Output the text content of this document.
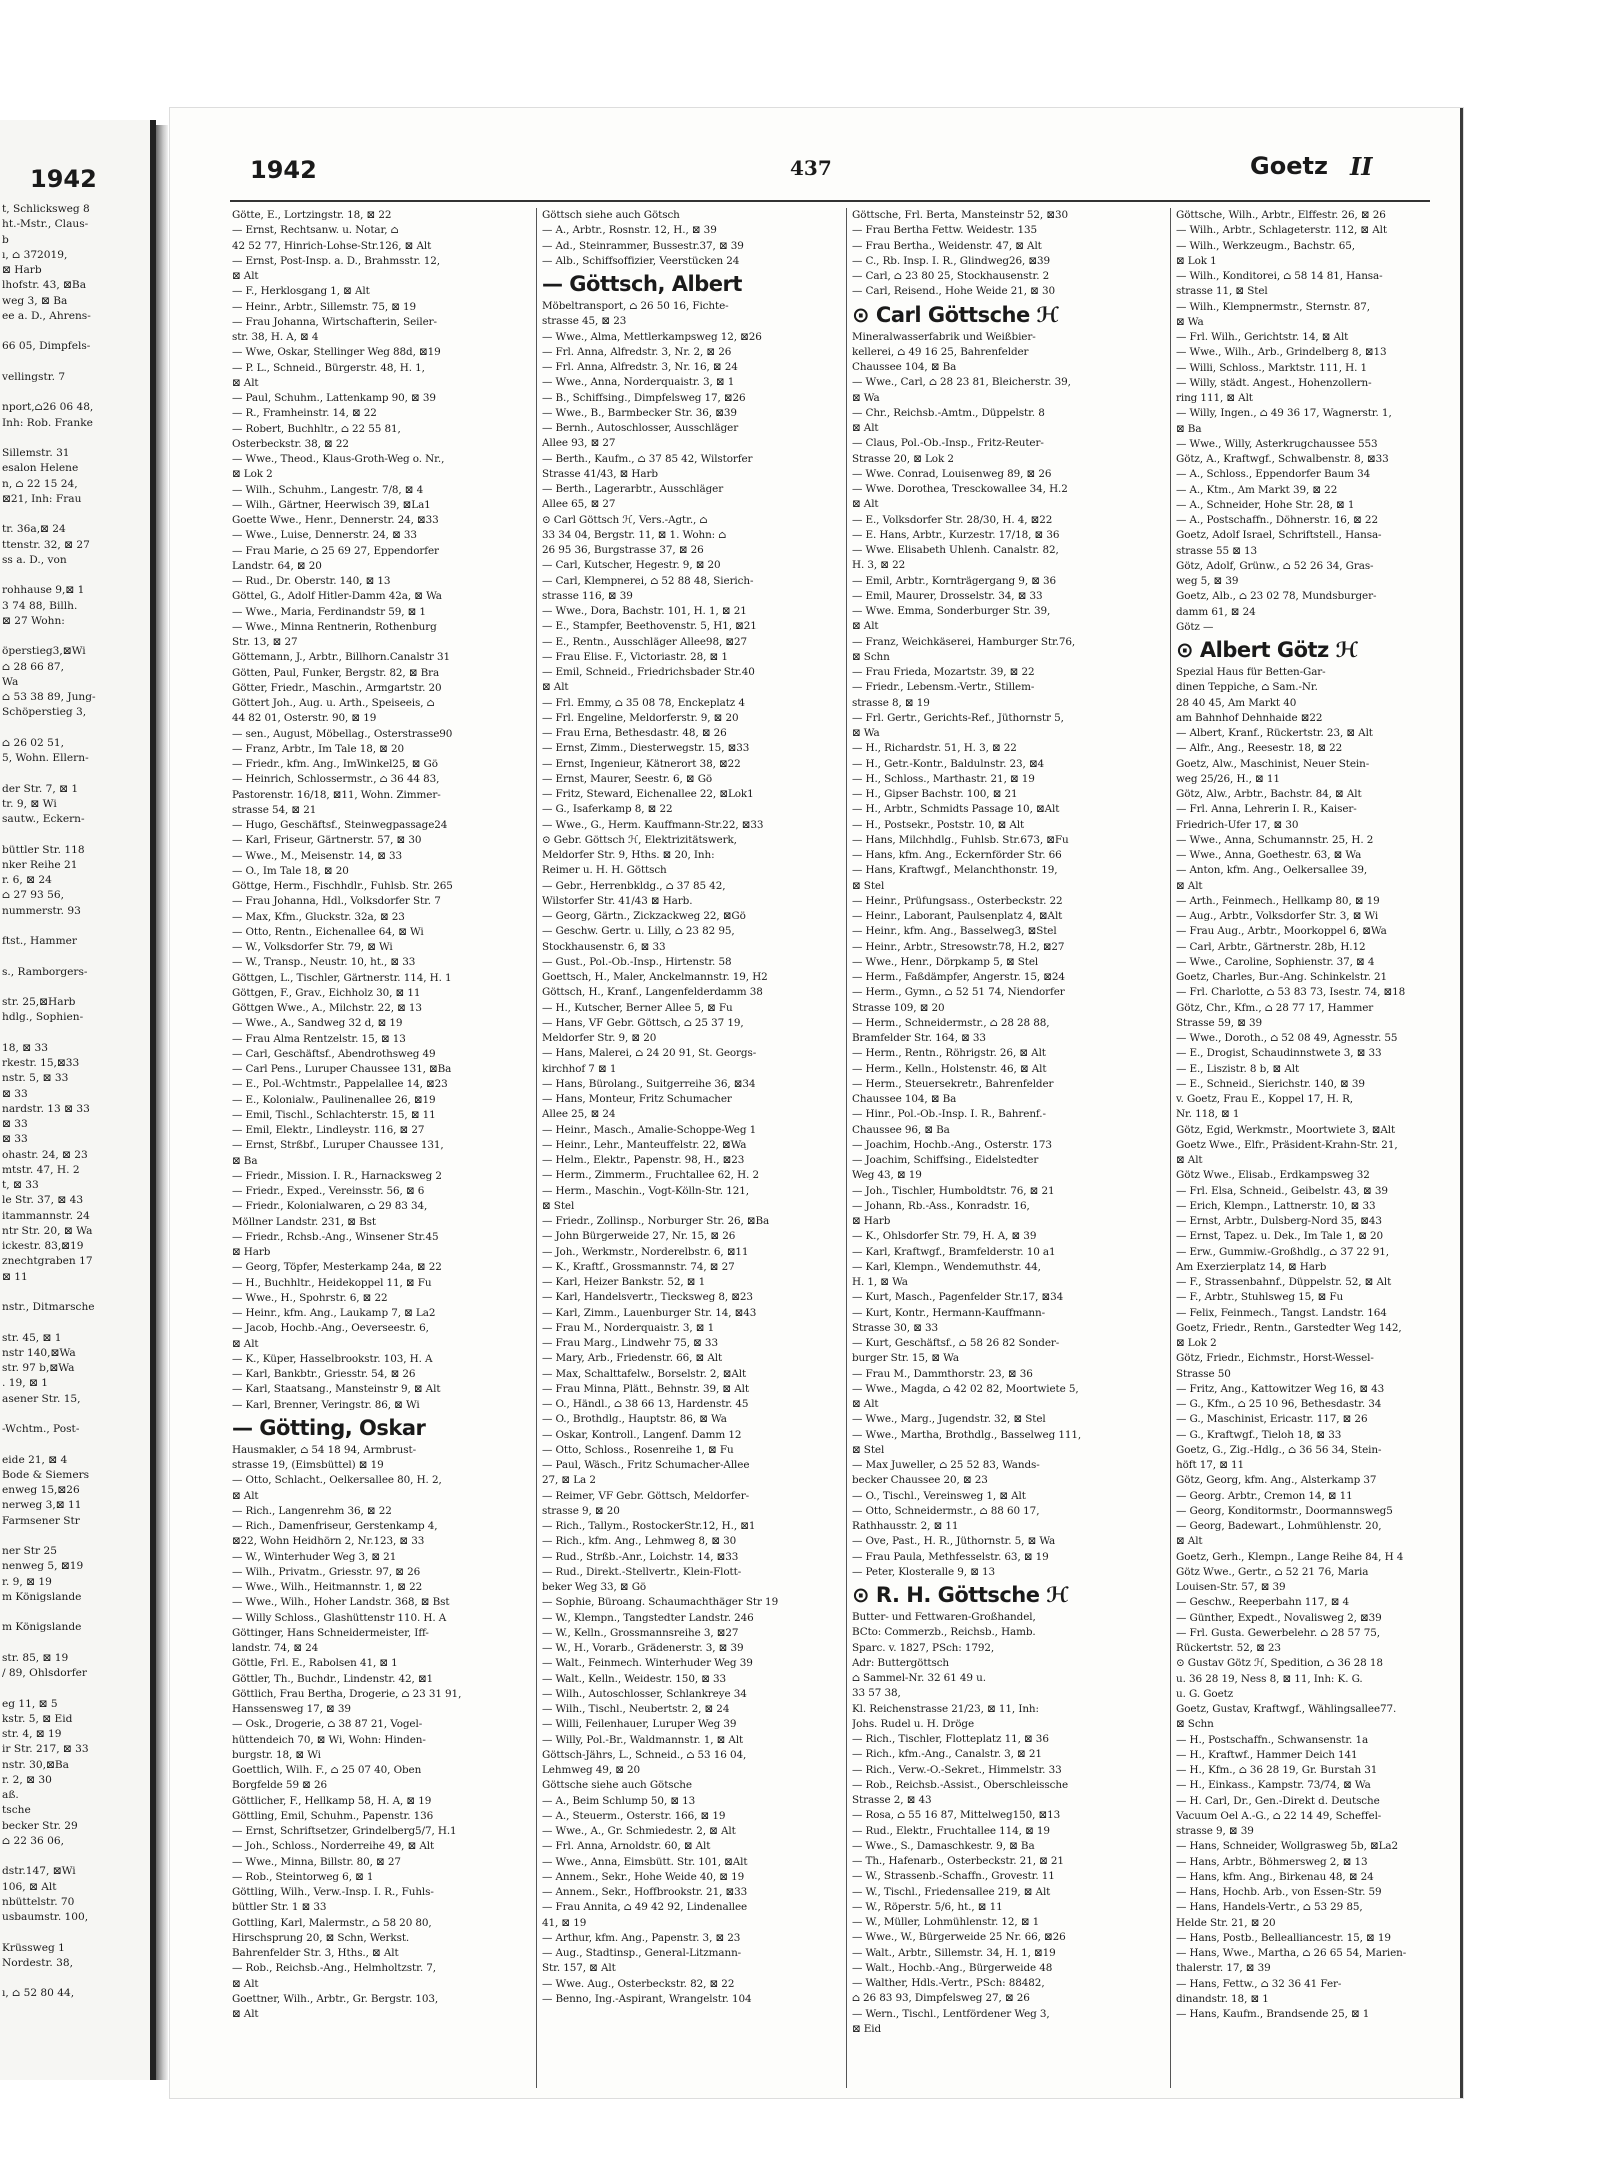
1942
t, Schlicksweg 8
ht.-Mstr., Claus-
b
ı, ⌂ 372019,
⊠ Harb
lhofstr. 43, ⊠Ba
weg 3, ⊠ Ba
ee a. D., Ahrens-
66 05, Dimpfels-
vellingstr. 7
nport,⌂26 06 48,
Inh: Rob. Franke
Sillemstr. 31
esalon Helene
n, ⌂ 22 15 24,
⊠21, Inh: Frau
tr. 36a,⊠ 24
ttenstr. 32, ⊠ 27
ss a. D., von
rohhause 9,⊠ 1
3 74 88, Billh.
⊠ 27 Wohn:
öperstieg3,⊠Wi
⌂ 28 66 87,
Wa
⌂ 53 38 89, Jung-
Schöperstieg 3,
⌂ 26 02 51,
5, Wohn. Ellern-
der Str. 7, ⊠ 1
tr. 9, ⊠ Wi
sautw., Eckern-
büttler Str. 118
nker Reihe 21
r. 6, ⊠ 24
⌂ 27 93 56,
nummerstr. 93
ftst., Hammer
s., Ramborgers-
str. 25,⊠Harb
hdlg., Sophien-
18, ⊠ 33
rkestr. 15,⊠33
nstr. 5, ⊠ 33
⊠ 33
nardstr. 13 ⊠ 33
⊠ 33
⊠ 33
ohastr. 24, ⊠ 23
mtstr. 47, H. 2
t, ⊠ 33
le Str. 37, ⊠ 43
itammannstr. 24
ntr Str. 20, ⊠ Wa
ickestr. 83,⊠19
znechtgraben 17
⊠ 11
nstr., Ditmarsche
str. 45, ⊠ 1
nstr 140,⊠Wa
str. 97 b,⊠Wa
. 19, ⊠ 1
asener Str. 15,
-Wchtm., Post-
eide 21, ⊠ 4
Bode & Siemers
enweg 15,⊠26
nerweg 3,⊠ 11
Farmsener Str
ner Str 25
nenweg 5, ⊠19
r. 9, ⊠ 19
m Königslande
m Königslande
str. 85, ⊠ 19
/ 89, Ohlsdorfer
eg 11, ⊠ 5
kstr. 5, ⊠ Eid
str. 4, ⊠ 19
ir Str. 217, ⊠ 33
nstr. 30,⊠Ba
r. 2, ⊠ 30
aß.
tsche
becker Str. 29
⌂ 22 36 06,
dstr.147, ⊠Wi
106, ⊠ Alt
nbüttelstr. 70
usbaumstr. 100,
Krüssweg 1
Nordestr. 38,
ı, ⌂ 52 80 44,
1942	437	Goetz II
Götte, E., Lortzingstr. 18, ⊠ 22
— Ernst, Rechtsanw. u. Notar, ⌂
42 52 77, Hinrich-Lohse-Str.126, ⊠ Alt
— Ernst, Post-Insp. a. D., Brahmsstr. 12,
⊠ Alt
— F., Herklosgang 1, ⊠ Alt
— Heinr., Arbtr., Sillemstr. 75, ⊠ 19
— Frau Johanna, Wirtschafterin, Seiler-
str. 38, H. A, ⊠ 4
— Wwe, Oskar, Stellinger Weg 88d, ⊠19
— P. L., Schneid., Bürgerstr. 48, H. 1,
⊠ Alt
— Paul, Schuhm., Lattenkamp 90, ⊠ 39
— R., Framheinstr. 14, ⊠ 22
— Robert, Buchhltr., ⌂ 22 55 81,
Osterbeckstr. 38, ⊠ 22
— Wwe., Theod., Klaus-Groth-Weg o. Nr.,
⊠ Lok 2
— Wilh., Schuhm., Langestr. 7/8, ⊠ 4
— Wilh., Gärtner, Heerwisch 39, ⊠La1
Goette Wwe., Henr., Dennerstr. 24, ⊠33
— Wwe., Luise, Dennerstr. 24, ⊠ 33
— Frau Marie, ⌂ 25 69 27, Eppendorfer
Landstr. 64, ⊠ 20
— Rud., Dr. Oberstr. 140, ⊠ 13
Göttel, G., Adolf Hitler-Damm 42a, ⊠ Wa
— Wwe., Maria, Ferdinandstr 59, ⊠ 1
— Wwe., Minna Rentnerin, Rothenburg
Str. 13, ⊠ 27
Göttemann, J., Arbtr., Billhorn.Canalstr 31
Götten, Paul, Funker, Bergstr. 82, ⊠ Bra
Götter, Friedr., Maschin., Armgartstr. 20
Göttert Joh., Aug. u. Arth., Speiseeis, ⌂
44 82 01, Osterstr. 90, ⊠ 19
— sen., August, Möbellag., Osterstrasse90
— Franz, Arbtr., Im Tale 18, ⊠ 20
— Friedr., kfm. Ang., ImWinkel25, ⊠ Gö
— Heinrich, Schlossermstr., ⌂ 36 44 83,
Pastorenstr. 16/18, ⊠11, Wohn. Zimmer-
strasse 54, ⊠ 21
— Hugo, Geschäftsf., Steinwegpassage24
— Karl, Friseur, Gärtnerstr. 57, ⊠ 30
— Wwe., M., Meisenstr. 14, ⊠ 33
— O., Im Tale 18, ⊠ 20
Göttge, Herm., Fischhdlr., Fuhlsb. Str. 265
— Frau Johanna, Hdl., Volksdorfer Str. 7
— Max, Kfm., Gluckstr. 32a, ⊠ 23
— Otto, Rentn., Eichenallee 64, ⊠ Wi
— W., Volksdorfer Str. 79, ⊠ Wi
— W., Transp., Neustr. 10, ht., ⊠ 33
Göttgen, L., Tischler, Gärtnerstr. 114, H. 1
Göttgen, F., Grav., Eichholz 30, ⊠ 11
Göttgen Wwe., A., Milchstr. 22, ⊠ 13
— Wwe., A., Sandweg 32 d, ⊠ 19
— Frau Alma Rentzelstr. 15, ⊠ 13
— Carl, Geschäftsf., Abendrothsweg 49
— Carl Pens., Luruper Chaussee 131, ⊠Ba
— E., Pol.-Wchtmstr., Pappelallee 14, ⊠23
— E., Kolonialw., Paulinenallee 26, ⊠19
— Emil, Tischl., Schlachterstr. 15, ⊠ 11
— Emil, Elektr., Lindleystr. 116, ⊠ 27
— Ernst, Strßbf., Luruper Chaussee 131,
⊠ Ba
— Friedr., Mission. I. R., Harnacksweg 2
— Friedr., Exped., Vereinsstr. 56, ⊠ 6
— Friedr., Kolonialwaren, ⌂ 29 83 34,
Möllner Landstr. 231, ⊠ Bst
— Friedr., Rchsb.-Ang., Winsener Str.45
⊠ Harb
— Georg, Töpfer, Mesterkamp 24a, ⊠ 22
— H., Buchhltr., Heidekoppel 11, ⊠ Fu
— Wwe., H., Spohrstr. 6, ⊠ 22
— Heinr., kfm. Ang., Laukamp 7, ⊠ La2
— Jacob, Hochb.-Ang., Oeverseestr. 6,
⊠ Alt
— K., Küper, Hasselbrookstr. 103, H. A
— Karl, Bankbtr., Griesstr. 54, ⊠ 26
— Karl, Staatsang., Mansteinstr 9, ⊠ Alt
— Karl, Brenner, Veringstr. 86, ⊠ Wi
— Götting, Oskar
Hausmakler, ⌂ 54 18 94, Armbrust-
strasse 19, (Eimsbüttel) ⊠ 19
— Otto, Schlacht., Oelkersallee 80, H. 2,
⊠ Alt
— Rich., Langenrehm 36, ⊠ 22
— Rich., Damenfriseur, Gerstenkamp 4,
⊠22, Wohn Heidhörn 2, Nr.123, ⊠ 33
— W., Winterhuder Weg 3, ⊠ 21
— Wilh., Privatm., Griesstr. 97, ⊠ 26
— Wwe., Wilh., Heitmannstr. 1, ⊠ 22
— Wwe., Wilh., Hoher Landstr. 368, ⊠ Bst
— Willy Schloss., Glashüttenstr 110. H. A
Göttinger, Hans Schneidermeister, Iff-
landstr. 74, ⊠ 24
Göttle, Frl. E., Rabolsen 41, ⊠ 1
Göttler, Th., Buchdr., Lindenstr. 42, ⊠1
Göttlich, Frau Bertha, Drogerie, ⌂ 23 31 91,
Hanssensweg 17, ⊠ 39
— Osk., Drogerie, ⌂ 38 87 21, Vogel-
hüttendeich 70, ⊠ Wi, Wohn: Hinden-
burgstr. 18, ⊠ Wi
Goettlich, Wilh. F., ⌂ 25 07 40, Oben
Borgfelde 59 ⊠ 26
Göttlicher, F., Hellkamp 58, H. A, ⊠ 19
Göttling, Emil, Schuhm., Papenstr. 136
— Ernst, Schriftsetzer, Grindelberg5/7, H.1
— Joh., Schloss., Norderreihe 49, ⊠ Alt
— Wwe., Minna, Billstr. 80, ⊠ 27
— Rob., Steintorweg 6, ⊠ 1
Göttling, Wilh., Verw.-Insp. I. R., Fuhls-
büttler Str. 1 ⊠ 33
Gottling, Karl, Malermstr., ⌂ 58 20 80,
Hirschsprung 20, ⊠ Schn, Werkst.
Bahrenfelder Str. 3, Hths., ⊠ Alt
— Rob., Reichsb.-Ang., Helmholtzstr. 7,
⊠ Alt
Goettner, Wilh., Arbtr., Gr. Bergstr. 103,
⊠ Alt
Göttsch siehe auch Götsch
— A., Arbtr., Rosnstr. 12, H., ⊠ 39
— Ad., Steinrammer, Bussestr.37, ⊠ 39
— Alb., Schiffsoffizier, Veerstücken 24
— Göttsch, Albert
Möbeltransport, ⌂ 26 50 16, Fichte-
strasse 45, ⊠ 23
— Wwe., Alma, Mettlerkampsweg 12, ⊠26
— Frl. Anna, Alfredstr. 3, Nr. 2, ⊠ 26
— Frl. Anna, Alfredstr. 3, Nr. 16, ⊠ 24
— Wwe., Anna, Norderquaistr. 3, ⊠ 1
— B., Schiffsing., Dimpfelsweg 17, ⊠26
— Wwe., B., Barmbecker Str. 36, ⊠39
— Bernh., Autoschlosser, Ausschläger
Allee 93, ⊠ 27
— Berth., Kaufm., ⌂ 37 85 42, Wilstorfer
Strasse 41/43, ⊠ Harb
— Berth., Lagerarbtr., Ausschläger
Allee 65, ⊠ 27
⊙ Carl Göttsch ℋ, Vers.-Agtr., ⌂
33 34 04, Bergstr. 11, ⊠ 1. Wohn: ⌂
26 95 36, Burgstrasse 37, ⊠ 26
— Carl, Kutscher, Hegestr. 9, ⊠ 20
— Carl, Klempnerei, ⌂ 52 88 48, Sierich-
strasse 116, ⊠ 39
— Wwe., Dora, Bachstr. 101, H. 1, ⊠ 21
— E., Stampfer, Beethovenstr. 5, H1, ⊠21
— E., Rentn., Ausschläger Allee98, ⊠27
— Frau Elise. F., Victoriastr. 28, ⊠ 1
— Emil, Schneid., Friedrichsbader Str.40
⊠ Alt
— Frl. Emmy, ⌂ 35 08 78, Enckeplatz 4
— Frl. Engeline, Meldorferstr. 9, ⊠ 20
— Frau Erna, Bethesdastr. 48, ⊠ 26
— Ernst, Zimm., Diesterwegstr. 15, ⊠33
— Ernst, Ingenieur, Kätnerort 38, ⊠22
— Ernst, Maurer, Seestr. 6, ⊠ Gö
— Fritz, Steward, Eichenallee 22, ⊠Lok1
— G., Isaferkamp 8, ⊠ 22
— Wwe., G., Herm. Kauffmann-Str.22, ⊠33
⊙ Gebr. Göttsch ℋ, Elektrizitätswerk,
Meldorfer Str. 9, Hths. ⊠ 20, Inh:
Reimer u. H. H. Göttsch
— Gebr., Herrenbkldg., ⌂ 37 85 42,
Wilstorfer Str. 41/43 ⊠ Harb.
— Georg, Gärtn., Zickzackweg 22, ⊠Gö
— Geschw. Gertr. u. Lilly, ⌂ 23 82 95,
Stockhausenstr. 6, ⊠ 33
— Gust., Pol.-Ob.-Insp., Hirtenstr. 58
Goettsch, H., Maler, Anckelmannstr. 19, H2
Göttsch, H., Kranf., Langenfelderdamm 38
— H., Kutscher, Berner Allee 5, ⊠ Fu
— Hans, VF Gebr. Göttsch, ⌂ 25 37 19,
Meldorfer Str. 9, ⊠ 20
— Hans, Malerei, ⌂ 24 20 91, St. Georgs-
kirchhof 7 ⊠ 1
— Hans, Bürolang., Suitgerreihe 36, ⊠34
— Hans, Monteur, Fritz Schumacher
Allee 25, ⊠ 24
— Heinr., Masch., Amalie-Schoppe-Weg 1
— Heinr., Lehr., Manteuffelstr. 22, ⊠Wa
— Helm., Elektr., Papenstr. 98, H., ⊠23
— Herm., Zimmerm., Fruchtallee 62, H. 2
— Herm., Maschin., Vogt-Kölln-Str. 121,
⊠ Stel
— Friedr., Zollinsp., Norburger Str. 26, ⊠Ba
— John Bürgerweide 27, Nr. 15, ⊠ 26
— Joh., Werkmstr., Norderelbstr. 6, ⊠11
— K., Kraftf., Grossmannstr. 74, ⊠ 27
— Karl, Heizer Bankstr. 52, ⊠ 1
— Karl, Handelsvertr., Tiecksweg 8, ⊠23
— Karl, Zimm., Lauenburger Str. 14, ⊠43
— Frau M., Norderquaistr. 3, ⊠ 1
— Frau Marg., Lindwehr 75, ⊠ 33
— Mary, Arb., Friedenstr. 66, ⊠ Alt
— Max, Schalttafelw., Borselstr. 2, ⊠Alt
— Frau Minna, Plätt., Behnstr. 39, ⊠ Alt
— O., Händl., ⌂ 38 66 13, Hardenstr. 45
— O., Brothdlg., Hauptstr. 86, ⊠ Wa
— Oskar, Kontroll., Langenf. Damm 12
— Otto, Schloss., Rosenreihe 1, ⊠ Fu
— Paul, Wäsch., Fritz Schumacher-Allee
27, ⊠ La 2
— Reimer, VF Gebr. Göttsch, Meldorfer-
strasse 9, ⊠ 20
— Rich., Tallym., RostockerStr.12, H., ⊠1
— Rich., kfm. Ang., Lehmweg 8, ⊠ 30
— Rud., Strßb.-Anr., Loichstr. 14, ⊠33
— Rud., Direkt.-Stellvertr., Klein-Flott-
beker Weg 33, ⊠ Gö
— Sophie, Büroang. Schaumachthäger Str 19
— W., Klempn., Tangstedter Landstr. 246
— W., Kelln., Grossmannsreihe 3, ⊠27
— W., H., Vorarb., Grädenerstr. 3, ⊠ 39
— Walt., Feinmech. Winterhuder Weg 39
— Walt., Kelln., Weidestr. 150, ⊠ 33
— Wilh., Autoschlosser, Schlankreye 34
— Wilh., Tischl., Neubertstr. 2, ⊠ 24
— Willi, Feilenhauer, Luruper Weg 39
— Willy, Pol.-Br., Waldmannstr. 1, ⊠ Alt
Göttsch-Jährs, L., Schneid., ⌂ 53 16 04,
Lehmweg 49, ⊠ 20
Göttsche siehe auch Götsche
— A., Beim Schlump 50, ⊠ 13
— A., Steuerm., Osterstr. 166, ⊠ 19
— Wwe., A., Gr. Schmiedestr. 2, ⊠ Alt
— Frl. Anna, Arnoldstr. 60, ⊠ Alt
— Wwe., Anna, Eimsbütt. Str. 101, ⊠Alt
— Annem., Sekr., Hohe Weide 40, ⊠ 19
— Annem., Sekr., Hoffbrookstr. 21, ⊠33
— Frau Annita, ⌂ 49 42 92, Lindenallee
41, ⊠ 19
— Arthur, kfm. Ang., Papenstr. 3, ⊠ 23
— Aug., Stadtinsp., General-Litzmann-
Str. 157, ⊠ Alt
— Wwe. Aug., Osterbeckstr. 82, ⊠ 22
— Benno, Ing.-Aspirant, Wrangelstr. 104
Göttsche, Frl. Berta, Mansteinstr 52, ⊠30
— Frau Bertha Fettw. Weidestr. 135
— Frau Bertha., Weidenstr. 47, ⊠ Alt
— C., Rb. Insp. I. R., Glindweg26, ⊠39
— Carl, ⌂ 23 80 25, Stockhausenstr. 2
— Carl, Reisend., Hohe Weide 21, ⊠ 30
⊙ Carl Göttsche ℋ
Mineralwasserfabrik und Weißbier-
kellerei, ⌂ 49 16 25, Bahrenfelder
Chaussee 104, ⊠ Ba
— Wwe., Carl, ⌂ 28 23 81, Bleicherstr. 39,
⊠ Wa
— Chr., Reichsb.-Amtm., Düppelstr. 8
⊠ Alt
— Claus, Pol.-Ob.-Insp., Fritz-Reuter-
Strasse 20, ⊠ Lok 2
— Wwe. Conrad, Louisenweg 89, ⊠ 26
— Wwe. Dorothea, Tresckowallee 34, H.2
⊠ Alt
— E., Volksdorfer Str. 28/30, H. 4, ⊠22
— E. Hans, Arbtr., Kurzestr. 17/18, ⊠ 36
— Wwe. Elisabeth Uhlenh. Canalstr. 82,
H. 3, ⊠ 22
— Emil, Arbtr., Kornträgergang 9, ⊠ 36
— Emil, Maurer, Drosselstr. 34, ⊠ 33
— Wwe. Emma, Sonderburger Str. 39,
⊠ Alt
— Franz, Weichkäserei, Hamburger Str.76,
⊠ Schn
— Frau Frieda, Mozartstr. 39, ⊠ 22
— Friedr., Lebensm.-Vertr., Stillem-
strasse 8, ⊠ 19
— Frl. Gertr., Gerichts-Ref., Jüthornstr 5,
⊠ Wa
— H., Richardstr. 51, H. 3, ⊠ 22
— H., Getr.-Kontr., Baldulnstr. 23, ⊠4
— H., Schloss., Marthastr. 21, ⊠ 19
— H., Gipser Bachstr. 100, ⊠ 21
— H., Arbtr., Schmidts Passage 10, ⊠Alt
— H., Postsekr., Poststr. 10, ⊠ Alt
— Hans, Milchhdlg., Fuhlsb. Str.673, ⊠Fu
— Hans, kfm. Ang., Eckernförder Str. 66
— Hans, Kraftwgf., Melanchthonstr. 19,
⊠ Stel
— Heinr., Prüfungsass., Osterbeckstr. 22
— Heinr., Laborant, Paulsenplatz 4, ⊠Alt
— Heinr., kfm. Ang., Basselweg3, ⊠Stel
— Heinr., Arbtr., Stresowstr.78, H.2, ⊠27
— Wwe., Henr., Dörpkamp 5, ⊠ Stel
— Herm., Faßdämpfer, Angerstr. 15, ⊠24
— Herm., Gymn., ⌂ 52 51 74, Niendorfer
Strasse 109, ⊠ 20
— Herm., Schneidermstr., ⌂ 28 28 88,
Bramfelder Str. 164, ⊠ 33
— Herm., Rentn., Röhrigstr. 26, ⊠ Alt
— Herm., Kelln., Holstenstr. 46, ⊠ Alt
— Herm., Steuersekretr., Bahrenfelder
Chaussee 104, ⊠ Ba
— Hinr., Pol.-Ob.-Insp. I. R., Bahrenf.-
Chaussee 96, ⊠ Ba
— Joachim, Hochb.-Ang., Osterstr. 173
— Joachim, Schiffsing., Eidelstedter
Weg 43, ⊠ 19
— Joh., Tischler, Humboldtstr. 76, ⊠ 21
— Johann, Rb.-Ass., Konradstr. 16,
⊠ Harb
— K., Ohlsdorfer Str. 79, H. A, ⊠ 39
— Karl, Kraftwgf., Bramfelderstr. 10 a1
— Karl, Klempn., Wendemuthstr. 44,
H. 1, ⊠ Wa
— Kurt, Masch., Pagenfelder Str.17, ⊠34
— Kurt, Kontr., Hermann-Kauffmann-
Strasse 30, ⊠ 33
— Kurt, Geschäftsf., ⌂ 58 26 82 Sonder-
burger Str. 15, ⊠ Wa
— Frau M., Dammthorstr. 23, ⊠ 36
— Wwe., Magda, ⌂ 42 02 82, Moortwiete 5,
⊠ Alt
— Wwe., Marg., Jugendstr. 32, ⊠ Stel
— Wwe., Martha, Brothdlg., Basselweg 111,
⊠ Stel
— Max Juweller, ⌂ 25 52 83, Wands-
becker Chaussee 20, ⊠ 23
— O., Tischl., Vereinsweg 1, ⊠ Alt
— Otto, Schneidermstr., ⌂ 88 60 17,
Rathhausstr. 2, ⊠ 11
— Ove, Past., H. R., Jüthornstr. 5, ⊠ Wa
— Frau Paula, Methfesselstr. 63, ⊠ 19
— Peter, Klosteralle 9, ⊠ 13
⊙ R. H. Göttsche ℋ
Butter- und Fettwaren-Großhandel,
BCto: Commerzb., Reichsb., Hamb.
Sparc. v. 1827, PSch: 1792,
Adr: Buttergöttsch
⌂ Sammel-Nr. 32 61 49 u.
33 57 38,
Kl. Reichenstrasse 21/23, ⊠ 11, Inh:
Johs. Rudel u. H. Dröge
— Rich., Tischler, Flotteplatz 11, ⊠ 36
— Rich., kfm.-Ang., Canalstr. 3, ⊠ 21
— Rich., Verw.-O.-Sekret., Himmelstr. 33
— Rob., Reichsb.-Assist., Oberschleissche
Strasse 2, ⊠ 43
— Rosa, ⌂ 55 16 87, Mittelweg150, ⊠13
— Rud., Elektr., Fruchtallee 114, ⊠ 19
— Wwe., S., Damaschkestr. 9, ⊠ Ba
— Th., Hafenarb., Osterbeckstr. 21, ⊠ 21
— W., Strassenb.-Schaffn., Grovestr. 11
— W., Tischl., Friedensallee 219, ⊠ Alt
— W., Röperstr. 5/6, ht., ⊠ 11
— W., Müller, Lohmühlenstr. 12, ⊠ 1
— Wwe., W., Bürgerweide 25 Nr. 66, ⊠26
— Walt., Arbtr., Sillemstr. 34, H. 1, ⊠19
— Walt., Hochb.-Ang., Bürgerweide 48
— Walther, Hdls.-Vertr., PSch: 88482,
⌂ 26 83 93, Dimpfelsweg 27, ⊠ 26
— Wern., Tischl., Lentfördener Weg 3,
⊠ Eid
Göttsche, Wilh., Arbtr., Elffestr. 26, ⊠ 26
— Wilh., Arbtr., Schlageterstr. 112, ⊠ Alt
— Wilh., Werkzeugm., Bachstr. 65,
⊠ Lok 1
— Wilh., Konditorei, ⌂ 58 14 81, Hansa-
strasse 11, ⊠ Stel
— Wilh., Klempnermstr., Sternstr. 87,
⊠ Wa
— Frl. Wilh., Gerichtstr. 14, ⊠ Alt
— Wwe., Wilh., Arb., Grindelberg 8, ⊠13
— Willi, Schloss., Marktstr. 111, H. 1
— Willy, städt. Angest., Hohenzollern-
ring 111, ⊠ Alt
— Willy, Ingen., ⌂ 49 36 17, Wagnerstr. 1,
⊠ Ba
— Wwe., Willy, Asterkrugchaussee 553
Götz, A., Kraftwgf., Schwalbenstr. 8, ⊠33
— A., Schloss., Eppendorfer Baum 34
— A., Ktm., Am Markt 39, ⊠ 22
— A., Schneider, Hohe Str. 28, ⊠ 1
— A., Postschaffn., Döhnerstr. 16, ⊠ 22
Goetz, Adolf Israel, Schriftstell., Hansa-
strasse 55 ⊠ 13
Götz, Adolf, Grünw., ⌂ 52 26 34, Gras-
weg 5, ⊠ 39
Goetz, Alb., ⌂ 23 02 78, Mundsburger-
damm 61, ⊠ 24
Götz —
⊙ Albert Götz ℋ
Spezial Haus für Betten-Gar-
dinen Teppiche, ⌂ Sam.-Nr.
28 40 45, Am Markt 40
am Bahnhof Dehnhaide ⊠22
— Albert, Kranf., Rückertstr. 23, ⊠ Alt
— Alfr., Ang., Reesestr. 18, ⊠ 22
Goetz, Alw., Maschinist, Neuer Stein-
weg 25/26, H., ⊠ 11
Götz, Alw., Arbtr., Bachstr. 84, ⊠ Alt
— Frl. Anna, Lehrerin I. R., Kaiser-
Friedrich-Ufer 17, ⊠ 30
— Wwe., Anna, Schumannstr. 25, H. 2
— Wwe., Anna, Goethestr. 63, ⊠ Wa
— Anton, kfm. Ang., Oelkersallee 39,
⊠ Alt
— Arth., Feinmech., Hellkamp 80, ⊠ 19
— Aug., Arbtr., Volksdorfer Str. 3, ⊠ Wi
— Frau Aug., Arbtr., Moorkoppel 6, ⊠Wa
— Carl, Arbtr., Gärtnerstr. 28b, H.12
— Wwe., Caroline, Sophienstr. 37, ⊠ 4
Goetz, Charles, Bur.-Ang. Schinkelstr. 21
— Frl. Charlotte, ⌂ 53 83 73, Isestr. 74, ⊠18
Götz, Chr., Kfm., ⌂ 28 77 17, Hammer
Strasse 59, ⊠ 39
— Wwe., Doroth., ⌂ 52 08 49, Agnesstr. 55
— E., Drogist, Schaudinnstwete 3, ⊠ 33
— E., Liszistr. 8 b, ⊠ Alt
— E., Schneid., Sierichstr. 140, ⊠ 39
v. Goetz, Frau E., Koppel 17, H. R,
Nr. 118, ⊠ 1
Götz, Egid, Werkmstr., Moortwiete 3, ⊠Alt
Goetz Wwe., Elfr., Präsident-Krahn-Str. 21,
⊠ Alt
Götz Wwe., Elisab., Erdkampsweg 32
— Frl. Elsa, Schneid., Geibelstr. 43, ⊠ 39
— Erich, Klempn., Lattnerstr. 10, ⊠ 33
— Ernst, Arbtr., Dulsberg-Nord 35, ⊠43
— Ernst, Tapez. u. Dek., Im Tale 1, ⊠ 20
— Erw., Gummiw.-Großhdlg., ⌂ 37 22 91,
Am Exerzierplatz 14, ⊠ Harb
— F., Strassenbahnf., Düppelstr. 52, ⊠ Alt
— F., Arbtr., Stuhlsweg 15, ⊠ Fu
— Felix, Feinmech., Tangst. Landstr. 164
Goetz, Friedr., Rentn., Garstedter Weg 142,
⊠ Lok 2
Götz, Friedr., Eichmstr., Horst-Wessel-
Strasse 50
— Fritz, Ang., Kattowitzer Weg 16, ⊠ 43
— G., Kfm., ⌂ 25 10 96, Bethesdastr. 34
— G., Maschinist, Ericastr. 117, ⊠ 26
— G., Kraftwgf., Tieloh 18, ⊠ 33
Goetz, G., Zig.-Hdlg., ⌂ 36 56 34, Stein-
höft 17, ⊠ 11
Götz, Georg, kfm. Ang., Alsterkamp 37
— Georg. Arbtr., Cremon 14, ⊠ 11
— Georg, Konditormstr., Doormannsweg5
— Georg, Badewart., Lohmühlenstr. 20,
⊠ Alt
Goetz, Gerh., Klempn., Lange Reihe 84, H 4
Götz Wwe., Gertr., ⌂ 52 21 76, Maria
Louisen-Str. 57, ⊠ 39
— Geschw., Reeperbahn 117, ⊠ 4
— Günther, Expedt., Novalisweg 2, ⊠39
— Frl. Gusta. Gewerbelehr. ⌂ 28 57 75,
Rückertstr. 52, ⊠ 23
⊙ Gustav Götz ℋ, Spedition, ⌂ 36 28 18
u. 36 28 19, Ness 8, ⊠ 11, Inh: K. G.
u. G. Goetz
Goetz, Gustav, Kraftwgf., Wählingsallee77.
⊠ Schn
— H., Postschaffn., Schwansenstr. 1a
— H., Kraftwf., Hammer Deich 141
— H., Kfm., ⌂ 36 28 19, Gr. Burstah 31
— H., Einkass., Kampstr. 73/74, ⊠ Wa
— H. Carl, Dr., Gen.-Direkt d. Deutsche
Vacuum Oel A.-G., ⌂ 22 14 49, Scheffel-
strasse 9, ⊠ 39
— Hans, Schneider, Wollgrasweg 5b, ⊠La2
— Hans, Arbtr., Böhmersweg 2, ⊠ 13
— Hans, kfm. Ang., Birkenau 48, ⊠ 24
— Hans, Hochb. Arb., von Essen-Str. 59
— Hans, Handels-Vertr., ⌂ 53 29 85,
Helde Str. 21, ⊠ 20
— Hans, Postb., Bellealliancestr. 15, ⊠ 19
— Hans, Wwe., Martha, ⌂ 26 65 54, Marien-
thalerstr. 17, ⊠ 39
— Hans, Fettw., ⌂ 32 36 41 Fer-
dinandstr. 18, ⊠ 1
— Hans, Kaufm., Brandsende 25, ⊠ 1
